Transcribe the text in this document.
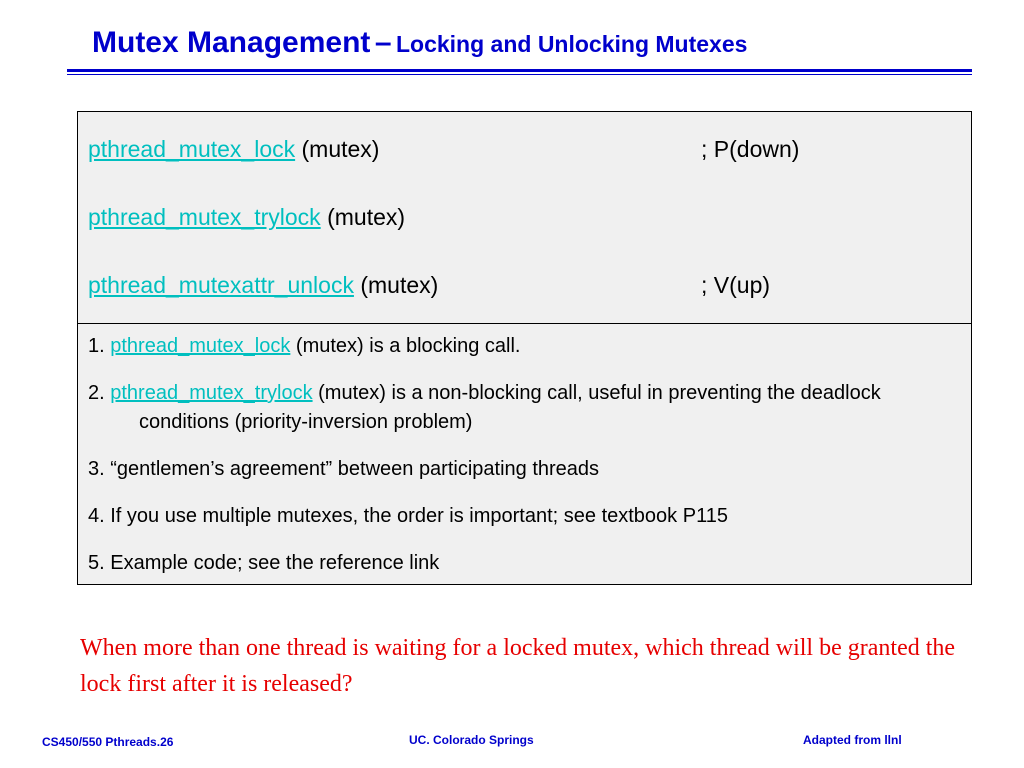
Mutex Management – Locking and Unlocking Mutexes
pthread_mutex_lock (mutex)	; P(down)
pthread_mutex_trylock (mutex)
pthread_mutexattr_unlock (mutex)	; V(up)
1. pthread_mutex_lock (mutex) is a blocking call.
2. pthread_mutex_trylock (mutex) is a non-blocking call, useful in preventing the deadlock conditions (priority-inversion problem)
3. “gentlemen’s agreement” between participating threads
4. If you use multiple mutexes, the order is important; see textbook P115
5. Example code; see the reference link
When more than one thread is waiting for a locked mutex, which thread will be granted the lock first after it is released?
CS450/550 Pthreads.26	UC. Colorado Springs	Adapted from llnl
